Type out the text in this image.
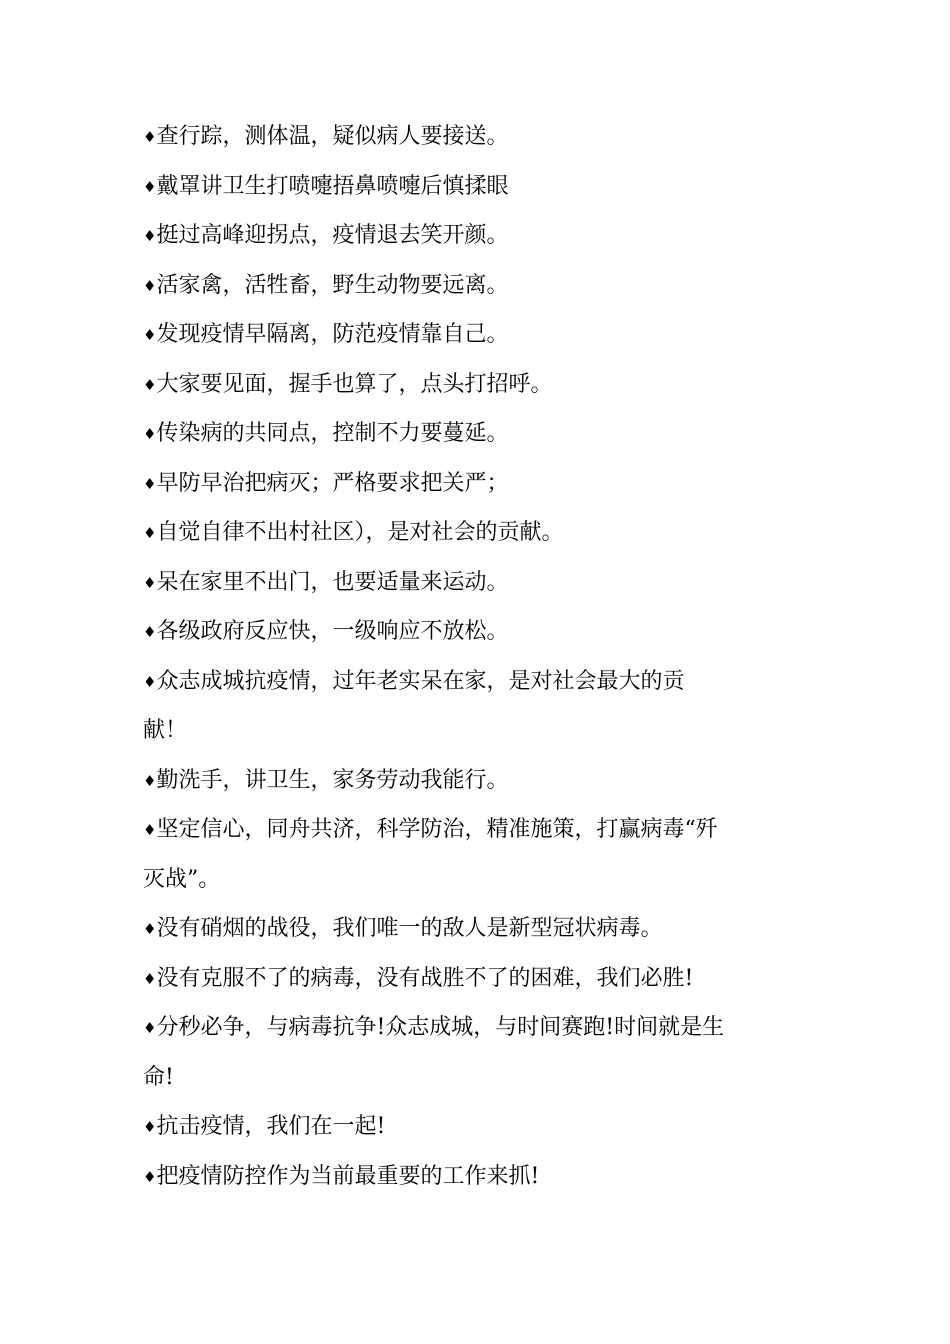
♦查行踪，测体温，疑似病人要接送。

♦戴罩讲卫生打喷嚏捂鼻喷嚏后慎揉眼

♦挺过高峰迎拐点，疫情退去笑开颜。

♦活家禽，活牲畜，野生动物要远离。

♦发现疫情早隔离，防范疫情靠自己。

♦大家要见面，握手也算了，点头打招呼。

♦传染病的共同点，控制不力要蔓延。

♦早防早治把病灭；严格要求把关严；

♦自觉自律不出村社区），是对社会的贡献。

♦呆在家里不出门，也要适量来运动。

♦各级政府反应快，一级响应不放松。

♦众志成城抗疫情，过年老实呆在家，是对社会最大的贡

献！

♦勤洗手，讲卫生，家务劳动我能行。

♦坚定信心，同舟共济，科学防治，精准施策，打赢病毒“歼

灭战”。

♦没有硝烟的战役，我们唯一的敌人是新型冠状病毒。

♦没有克服不了的病毒，没有战胜不了的困难，我们必胜!

♦分秒必争，与病毒抗争!众志成城，与时间赛跑!时间就是生

命!

♦抗击疫情，我们在一起!

♦把疫情防控作为当前最重要的工作来抓!
